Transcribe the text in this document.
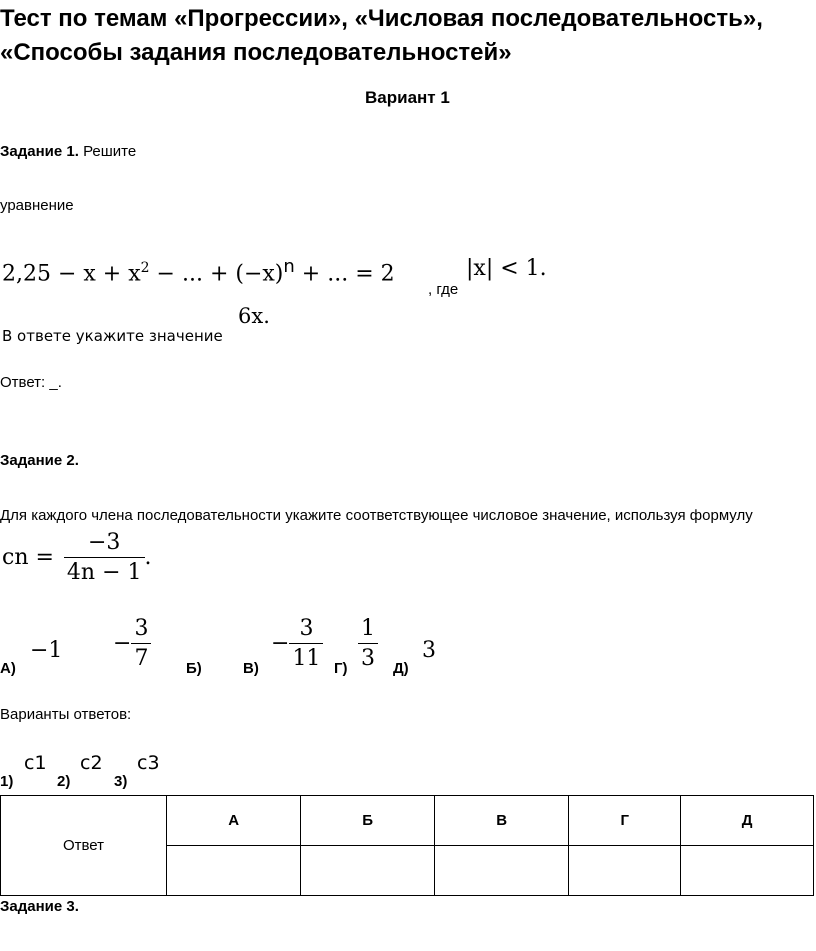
Тест по темам «Прогрессии», «Числовая последовательность»,
«Способы задания последовательностей»
Вариант 1
Задание 1. Решите
уравнение
$2,25 - x + x^2$ − ... + $(-x)^n$ + ... = 2
, где
|x| < 1.
6x.
В ответе укажите значение
Ответ: _.
Задание 2.
Для каждого члена последовательности укажите соответствующее числовое значение, используя формулу
cn = $\frac{-3}{4n - 1}$ .
А)
$-1 - \frac{3}{7} Б$)	В)
− $\frac{3}{11} Г) \frac{1}{3} Д$)
3
Варианты ответов:
1)
c1
2)
c2
3)
c3
Ответ	А	Б	В	Г	Д

Задание 3.
